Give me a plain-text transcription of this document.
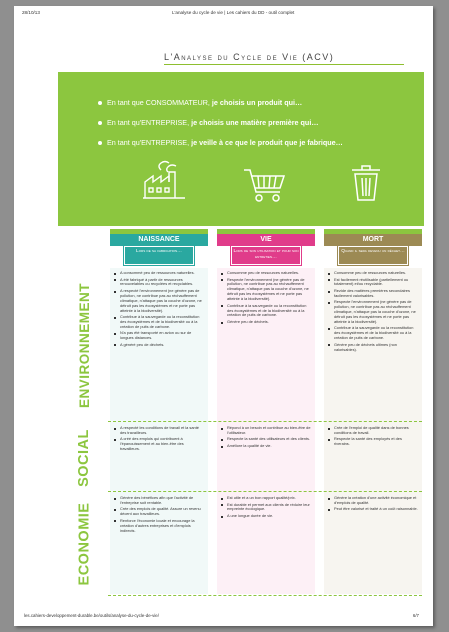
28/10/13	L'analyse du cycle de vie | Les cahiers du DD - outil complet
L'Analyse du Cycle de Vie (ACV)
En tant que CONSOMMATEUR, je choisis un produit qui…
En tant qu'ENTREPRISE, je choisis une matière première qui…
En tant qu'ENTREPRISE, je veille à ce que le produit que je fabrique…
NAISSANCE
Lors de sa fabrication…
VIE
Lors de son utilisation et pour son entretien…
MORT
Quand il sera devenu un déchet…
ENVIRONNEMENT
A consommé peu de ressources naturelles.
A été fabriqué à partir de ressources renouvelables ou recyclées et recyclables.
A respecté l'environnement (ne génère pas de pollution, ne contribue pas au réchauffement climatique, n'attaque pas la couche d'ozone, ne détruit pas les écosystèmes et ne porte pas atteinte à la biodiversité).
Contribue à la sauvegarde ou la reconstitution des écosystèmes et de la biodiversité ou à la création de puits de carbone.
N'a pas été transporté en avion ou sur de longues distances.
A généré peu de déchets.
Consomme peu de ressources naturelles.
Respecte l'environnement (ne génère pas de pollution, ne contribue pas au réchauffement climatique, n'attaque pas la couche d'ozone, ne détruit pas les écosystèmes et ne porte pas atteinte à la biodiversité).
Contribue à la sauvegarde ou la reconstitution des écosystèmes et de la biodiversité ou à la création de puits de carbone.
Génère peu de déchets.
Consomme peu de ressources naturelles.
Est facilement réutilisable (partiellement ou totalement) et/ou recyclable.
Rezide des matières premières secondaires facilement valorisables.
Respecte l'environnement (ne génère pas de pollution, ne contribue pas au réchauffement climatique, n'attaque pas la couche d'ozone, ne détruit pas les écosystèmes et ne porte pas atteinte à la biodiversité).
Contribue à la sauvegarde ou la reconstitution des écosystèmes et de la biodiversité ou à la création de puits de carbone.
Génère peu de déchets ultimes (non valorisables).
SOCIAL
A respecté les conditions de travail et la santé des travailleurs.
A créé des emplois qui contribuent à l'épanouissement et au bien-être des travailleurs.
Répond à un besoin et contribue au bien-être de l'utilisateur.
Respecte la santé des utilisateurs et des clients.
Améliore la qualité de vie.
Crée de l'emploi de qualité dans de bonnes conditions de travail.
Respecte la santé des employés et des riverains.
ECONOMIE
Génère des bénéfices afin que l'activité de l'entreprise soit rentable.
Crée des emplois de qualité. Assure un revenu décent aux travailleurs.
Renforce l'économie locale et encourage la création d'autres entreprises et d'emplois indirects.
Est utile et a un bon rapport qualité/prix.
Est durable et permet aux clients de réduire leur empreinte écologique.
A une longue durée de vie.
Génère la création d'une activité économique et d'emplois de qualité.
Peut être valorisé et traité à un coût raisonnable.
les.cahiers-developpement-durable.be/outils/analyse-du-cycle-de-vie/	6/7
